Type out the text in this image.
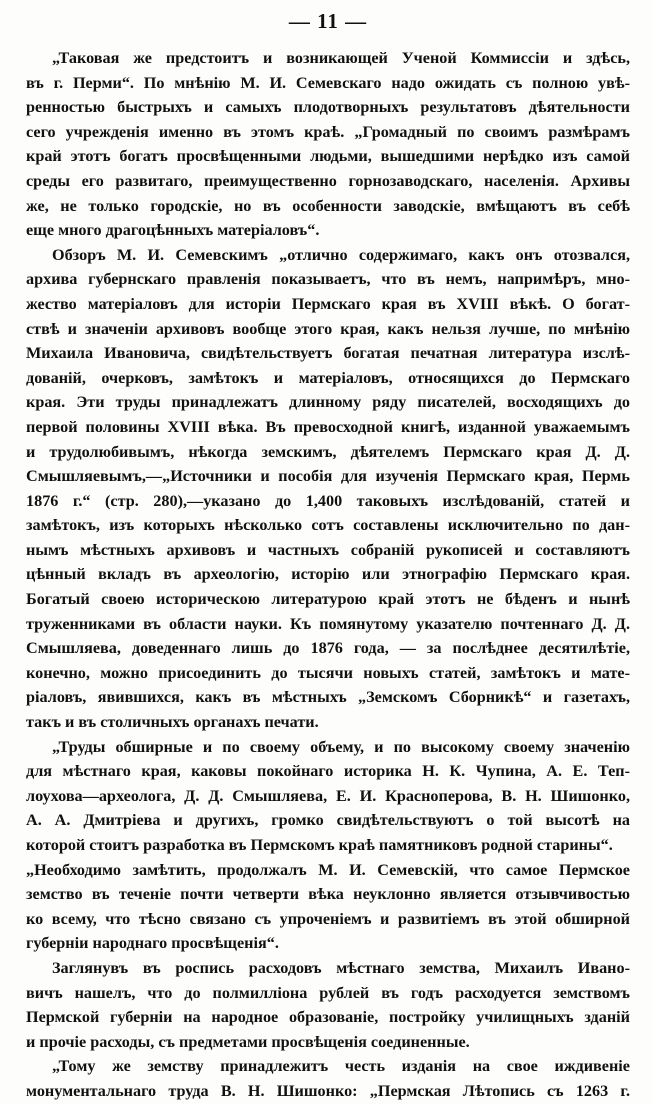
— 11 —
„Таковая же предстоитъ и возникающей Ученой Коммиссіи и здѣсь,
въ г. Перми“. По мнѣнію М. И. Семевскаго надо ожидать съ полною увѣ-
ренностью быстрыхъ и самыхъ плодотворныхъ результатовъ дѣятельности
сего учрежденія именно въ этомъ краѣ. „Громадный по своимъ размѣрамъ
край этотъ богатъ просвѣщенными людьми, вышедшими нерѣдко изъ самой
среды его развитаго, преимущественно горнозаводскаго, населенія. Архивы
же, не только городскіе, но въ особенности заводскіе, вмѣщаютъ въ себѣ
еще много драгоцѣнныхъ матеріаловъ“.
Обзоръ М. И. Семевскимъ „отлично содержимаго, какъ онъ отозвался,
архива губернскаго правленія показываетъ, что въ немъ, напримѣръ, мно-
жество матеріаловъ для исторіи Пермскаго края въ XVIII вѣкѣ. О богат-
ствѣ и значеніи архивовъ вообще этого края, какъ нельзя лучше, по мнѣнію
Михаила Ивановича, свидѣтельствуетъ богатая печатная литература изслѣ-
дованій, очерковъ, замѣтокъ и матеріаловъ, относящихся до Пермскаго
края. Эти труды принадлежатъ длинному ряду писателей, восходящихъ до
первой половины XVIII вѣка. Въ превосходной книгѣ, изданной уважаемымъ
и трудолюбивымъ, нѣкогда земскимъ, дѣятелемъ Пермскаго края Д. Д.
Смышляевымъ,—„Источники и пособія для изученія Пермскаго края, Пермь
1876 г.“ (стр. 280),—указано до 1,400 таковыхъ изслѣдованій, статей и
замѣтокъ, изъ которыхъ нѣсколько сотъ составлены исключительно по дан-
нымъ мѣстныхъ архивовъ и частныхъ собраній рукописей и составляютъ
цѣнный вкладъ въ археологію, исторію или этнографію Пермскаго края.
Богатый своею историческою литературою край этотъ не бѣденъ и нынѣ
труженниками въ области науки. Къ помянутому указателю почтеннаго Д. Д.
Смышляева, доведеннаго лишь до 1876 года, — за послѣднее десятилѣтіе,
конечно, можно присоединить до тысячи новыхъ статей, замѣтокъ и мате-
ріаловъ, явившихся, какъ въ мѣстныхъ „Земскомъ Сборникѣ“ и газетахъ,
такъ и въ столичныхъ органахъ печати.
„Труды обширные и по своему объему, и по высокому своему значенію
для мѣстнаго края, каковы покойнаго историка Н. К. Чупина, А. Е. Теп-
лоухова—археолога, Д. Д. Смышляева, Е. И. Красноперова, В. Н. Шишонко,
А. А. Дмитріева и другихъ, громко свидѣтельствуютъ о той высотѣ на
которой стоитъ разработка въ Пермскомъ краѣ памятниковъ родной старины“.
„Необходимо замѣтить, продолжалъ М. И. Семевскій, что самое Пермское
земство въ теченіе почти четверти вѣка неуклонно является отзывчивостью
ко всему, что тѣсно связано съ упроченіемъ и развитіемъ въ этой обширной
губерніи народнаго просвѣщенія“.
Заглянувъ въ роспись расходовъ мѣстнаго земства, Михаилъ Ивано-
вичъ нашелъ, что до полмилліона рублей въ годъ расходуется земствомъ
Пермской губерніи на народное образованіе, постройку училищныхъ зданій
и прочіе расходы, съ предметами просвѣщенія соединенные.
„Тому же земству принадлежитъ честь изданія на свое иждивеніе
монументальнаго труда В. Н. Шишонко: „Пермская Лѣтопись съ 1263 г.
